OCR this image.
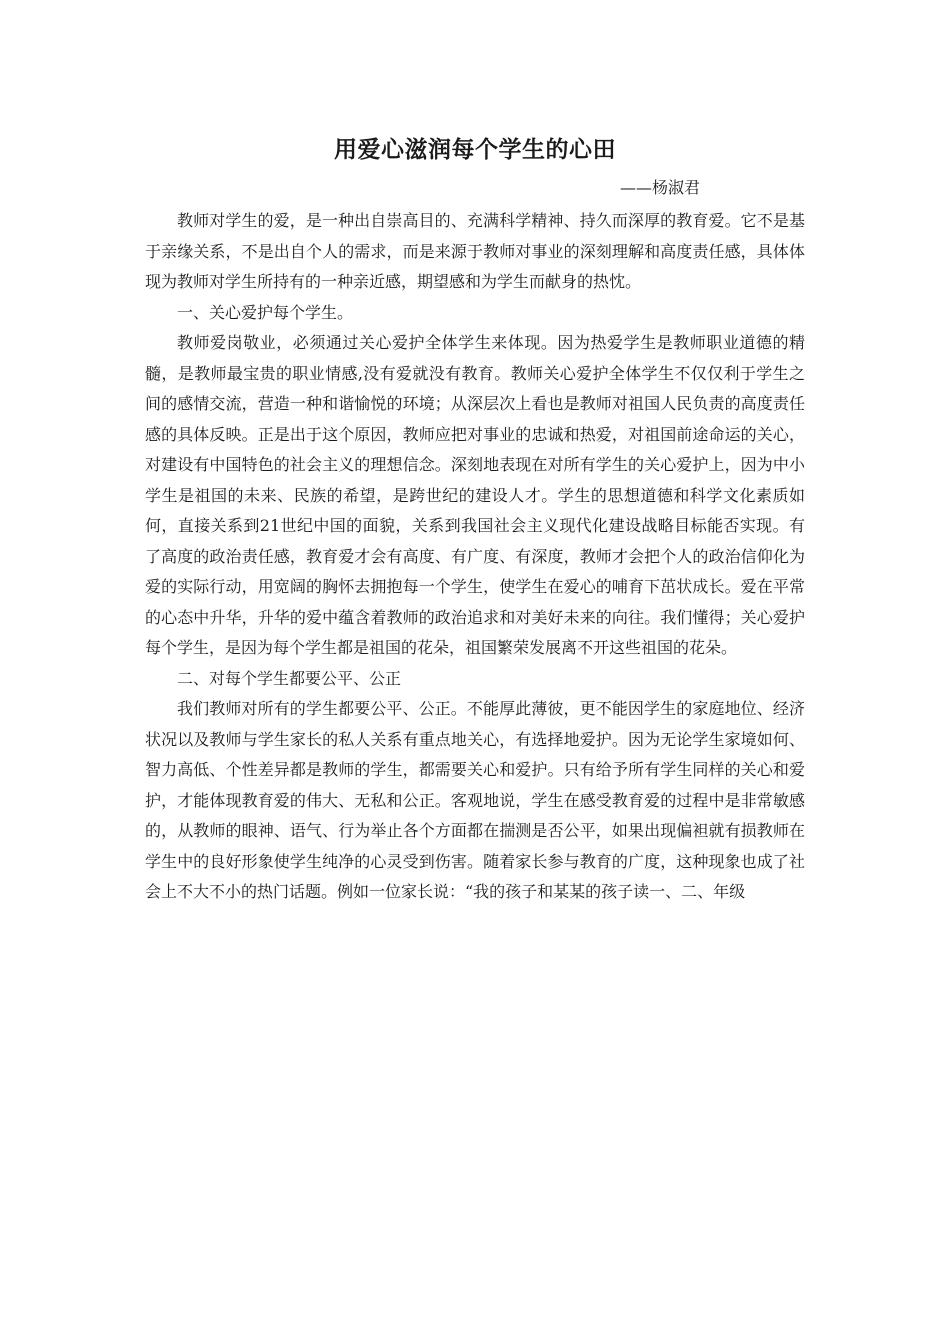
用爱心滋润每个学生的心田
——杨淑君

教师对学生的爱，是一种出自崇高目的、充满科学精神、持久而深厚的教育爱。它不是基于亲缘关系，不是出自个人的需求，而是来源于教师对事业的深刻理解和高度责任感，具体体现为教师对学生所持有的一种亲近感，期望感和为学生而献身的热忱。

一、关心爱护每个学生。

教师爱岗敬业，必须通过关心爱护全体学生来体现。因为热爱学生是教师职业道德的精髓，是教师最宝贵的职业情感,没有爱就没有教育。教师关心爱护全体学生不仅仅利于学生之间的感情交流，营造一种和谐愉悦的环境；从深层次上看也是教师对祖国人民负责的高度责任感的具体反映。正是出于这个原因，教师应把对事业的忠诚和热爱，对祖国前途命运的关心，对建设有中国特色的社会主义的理想信念。深刻地表现在对所有学生的关心爱护上，因为中小学生是祖国的未来、民族的希望，是跨世纪的建设人才。学生的思想道德和科学文化素质如何，直接关系到21世纪中国的面貌，关系到我国社会主义现代化建设战略目标能否实现。有了高度的政治责任感，教育爱才会有高度、有广度、有深度，教师才会把个人的政治信仰化为爱的实际行动，用宽阔的胸怀去拥抱每一个学生，使学生在爱心的哺育下茁状成长。爱在平常的心态中升华，升华的爱中蕴含着教师的政治追求和对美好未来的向往。我们懂得；关心爱护每个学生，是因为每个学生都是祖国的花朵，祖国繁荣发展离不开这些祖国的花朵。

二、对每个学生都要公平、公正

我们教师对所有的学生都要公平、公正。不能厚此薄彼，更不能因学生的家庭地位、经济状况以及教师与学生家长的私人关系有重点地关心，有选择地爱护。因为无论学生家境如何、智力高低、个性差异都是教师的学生，都需要关心和爱护。只有给予所有学生同样的关心和爱护，才能体现教育爱的伟大、无私和公正。客观地说，学生在感受教育爱的过程中是非常敏感的，从教师的眼神、语气、行为举止各个方面都在揣测是否公平，如果出现偏袒就有损教师在学生中的良好形象使学生纯净的心灵受到伤害。随着家长参与教育的广度，这种现象也成了社会上不大不小的热门话题。例如一位家长说：“我的孩子和某某的孩子读一、二、年级
